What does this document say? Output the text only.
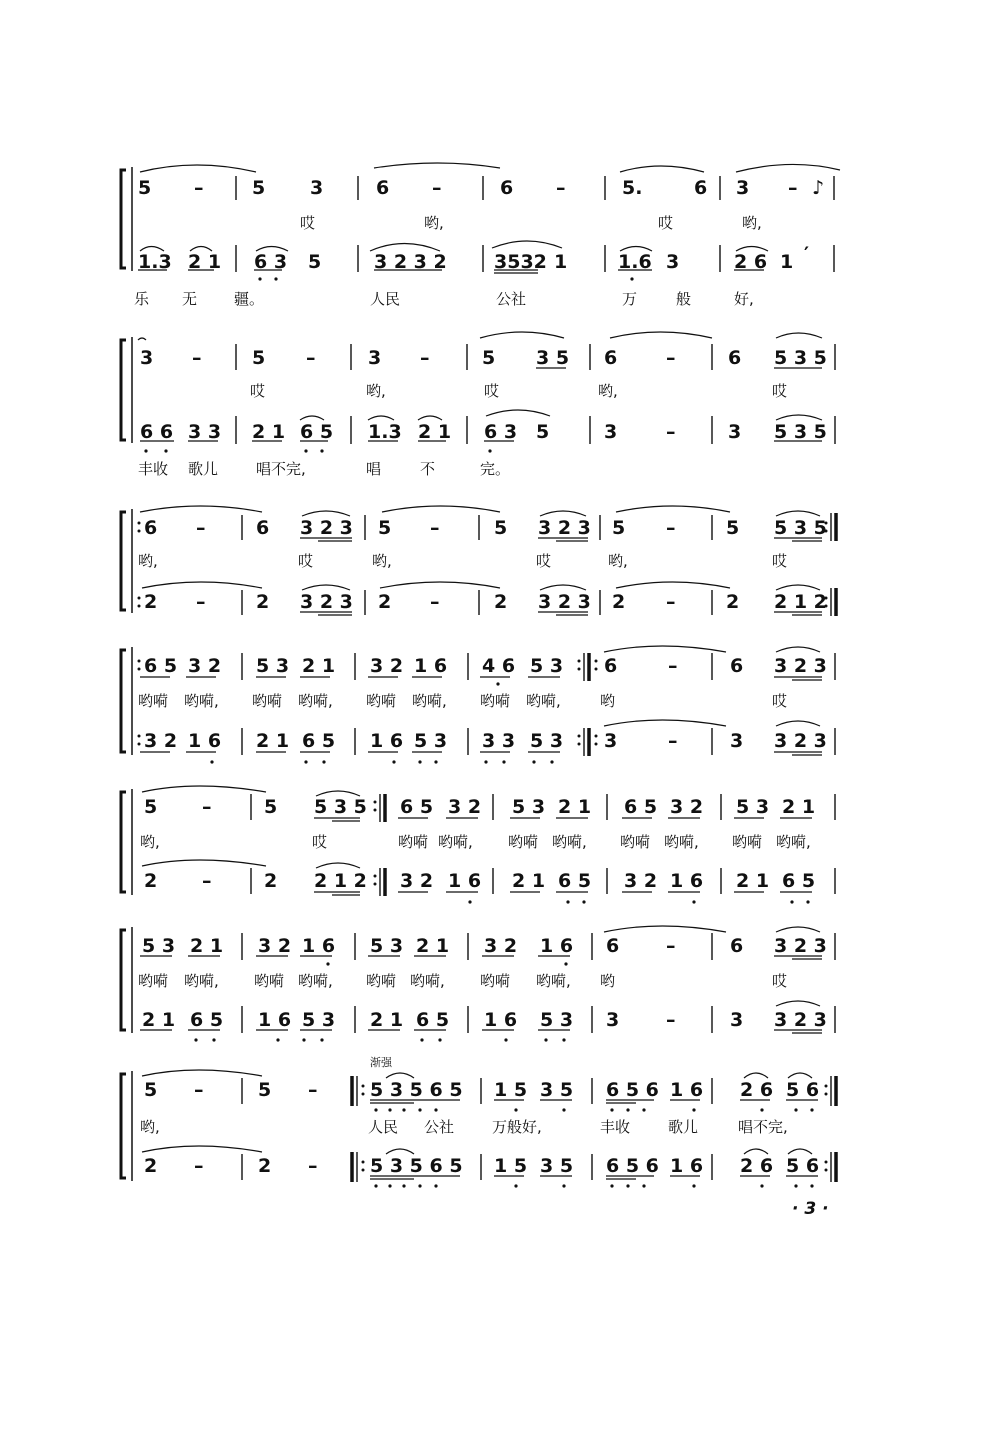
5 –	5 3	6 –	6 –	5.	6 3 – ♪
哎	哟,	哎	哟,
1.3 2 1 6 3 5	3 2 3 2 3532 1	1.6 3	2 6 1 ′
乐 无 疆。	人民	公社	万	般	好,
3 –	5 –	3 –	5 3 5 6	–	6 5 3 5
哎	哟,	哎	哟,	哎
6 6 3 3 2 1 6 5 1.3 2 1 6 3 5	3	–	3 5 3 5
丰收 歌儿	唱不完,	唱	不	完。
6 –	6 3 2 3 5 –	5 3 2 3 5 –	5 5 3 5
哟,	哎	哟,	哎	哟,	哎
2 –	2 3 2 3 2 –	2 3 2 3 2 –	2 2 1 2
6 5 3 2 5 3 2 1 3 2 1 6 4 6 5 3 6	–	6 3 2 3
哟嗬 哟嗬, 哟嗬 哟嗬, 哟嗬 哟嗬, 哟嗬 哟嗬,	哟	哎
3 2 1 6 2 1 6 5 1 6 5 3 3 3 5 3 3	–	3 3 2 3
5 –	5 5 3 5 6 5 3 2 5 3 2 1 6 5 3 2 5 3 2 1
哟,	哎	哟嗬 哟嗬, 哟嗬 哟嗬, 哟嗬 哟嗬, 哟嗬 哟嗬,
2 –	2 2 1 2 3 2 1 6 2 1 6 5 3 2 1 6 2 1 6 5
5 3 2 1 3 2 1 6 5 3 2 1 3 2 1 6 6 –	6 3 2 3
哟嗬 哟嗬, 哟嗬 哟嗬, 哟嗬 哟嗬, 哟嗬 哟嗬, 哟	哎
2 1 6 5 1 6 5 3 2 1 6 5 1 6 5 3 3 –	3 3 2 3
渐强
5 –	5 –	5 3 5 6 5 1 5 3 5 6 5 6 1 6 2 6 5 6
哟,	人民 公社	万般好,	丰收	歌儿	唱不完,
2 –	2 –	5 3 5 6 5 1 5 3 5 6 5 6 1 6 2 6 5 6
· 3 ·
